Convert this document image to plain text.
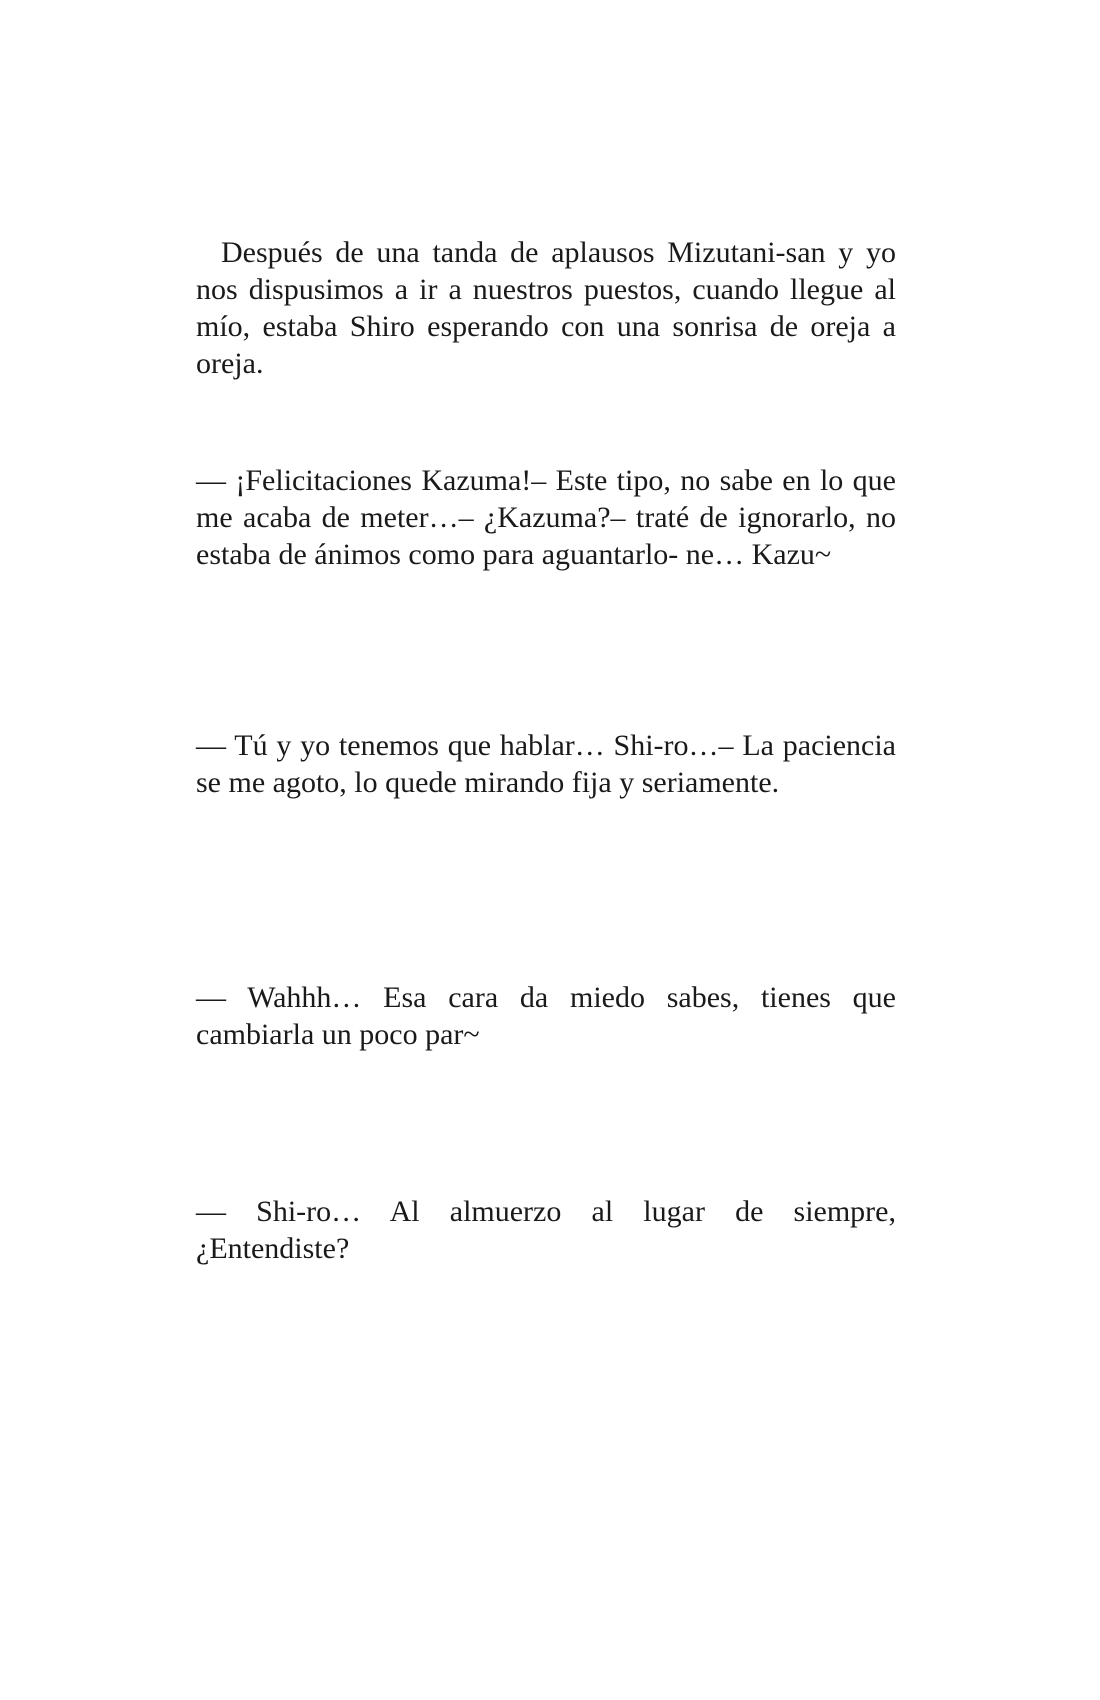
Después de una tanda de aplausos Mizutani-san y yo nos dispusimos a ir a nuestros puestos, cuando llegue al mío, estaba Shiro esperando con una sonrisa de oreja a oreja.

— ¡Felicitaciones Kazuma!– Este tipo, no sabe en lo que me acaba de meter…– ¿Kazuma?– traté de ignorarlo, no estaba de ánimos como para aguantarlo- ne… Kazu~

— Tú y yo tenemos que hablar… Shi-ro…– La paciencia se me agoto, lo quede mirando fija y seriamente.

— Wahhh… Esa cara da miedo sabes, tienes que cambiarla un poco par~

— Shi-ro… Al almuerzo al lugar de siempre, ¿Entendiste?
